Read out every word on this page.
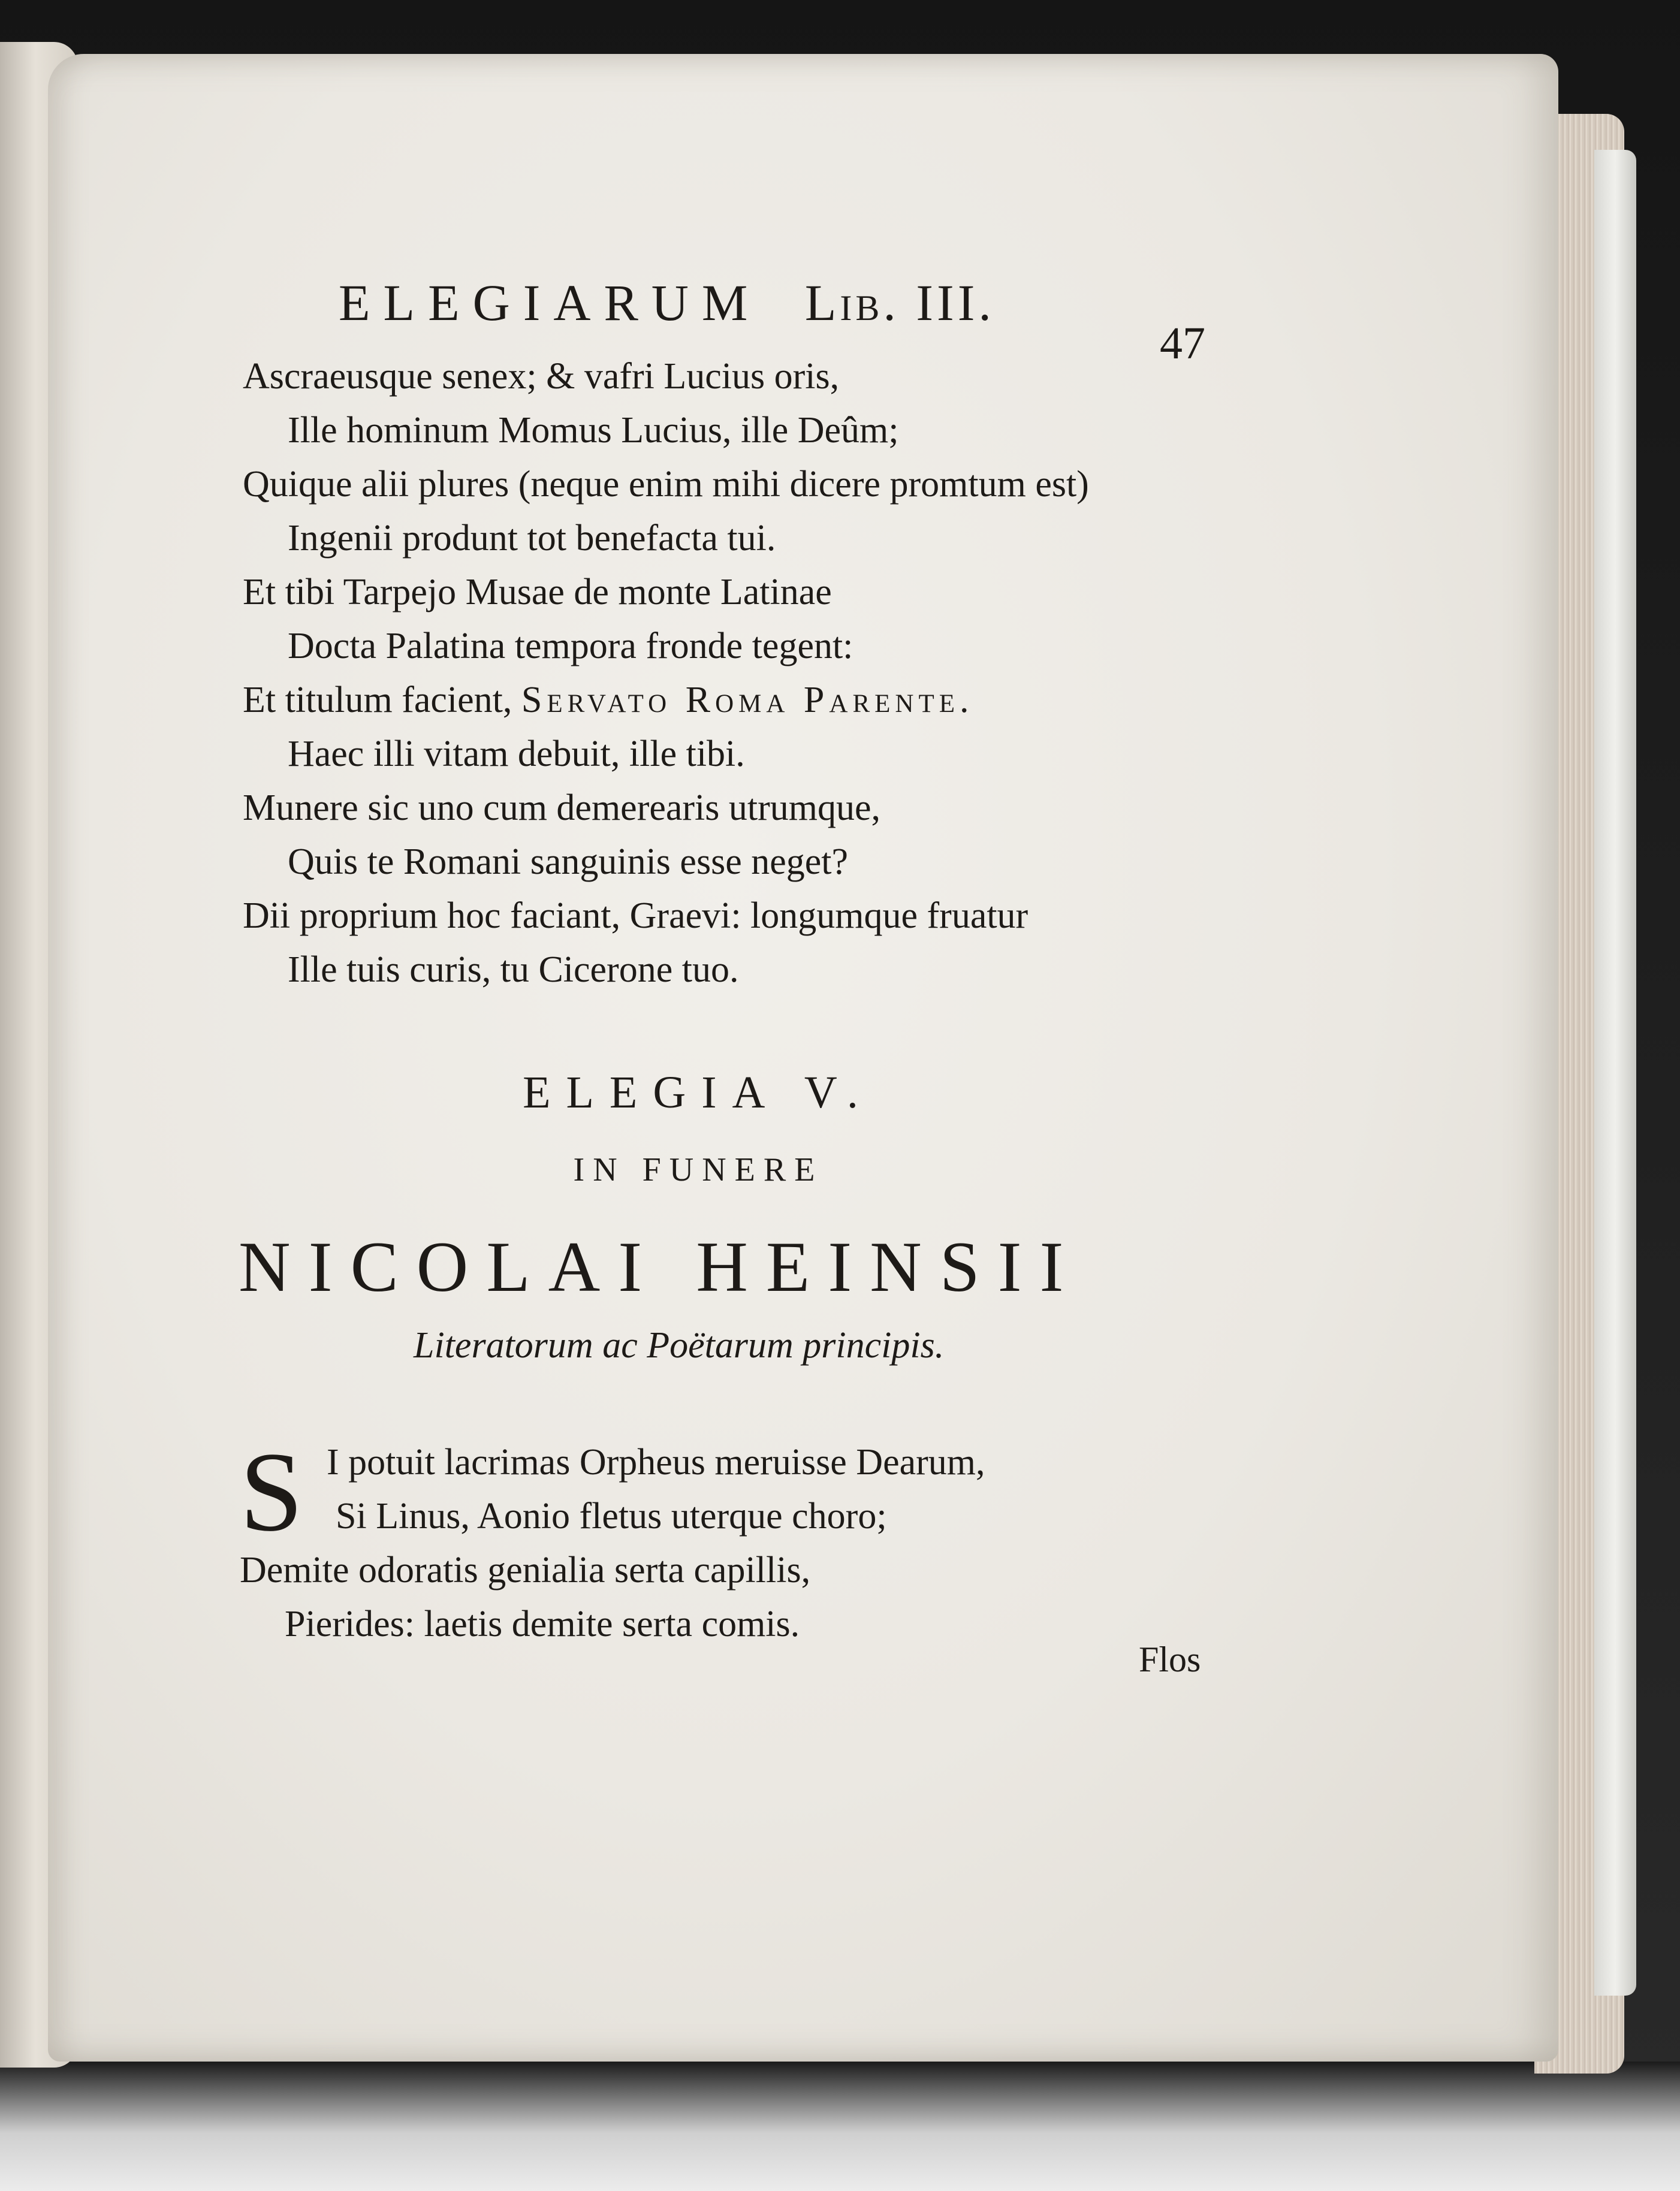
ELEGIARUM Lib. III.
47
Ascraeusque senex; & vafri Lucius oris,
Ille hominum Momus Lucius, ille Deûm;
Quique alii plures (neque enim mihi dicere promtum est)
Ingenii produnt tot benefacta tui.
Et tibi Tarpejo Musae de monte Latinae
Docta Palatina tempora fronde tegent:
Et titulum facient, Servato Roma Parente.
Haec illi vitam debuit, ille tibi.
Munere sic uno cum demerearis utrumque,
Quis te Romani sanguinis esse neget?
Dii proprium hoc faciant, Graevi: longumque fruatur
Ille tuis curis, tu Cicerone tuo.
ELEGIA V.
IN FUNERE
NICOLAI HEINSII
Literatorum ac Poëtarum principis.
S I potuit lacrimas Orpheus meruisse Dearum,
Si Linus, Aonio fletus uterque choro;
Demite odoratis genialia serta capillis,
Pierides: laetis demite serta comis.
Flos
